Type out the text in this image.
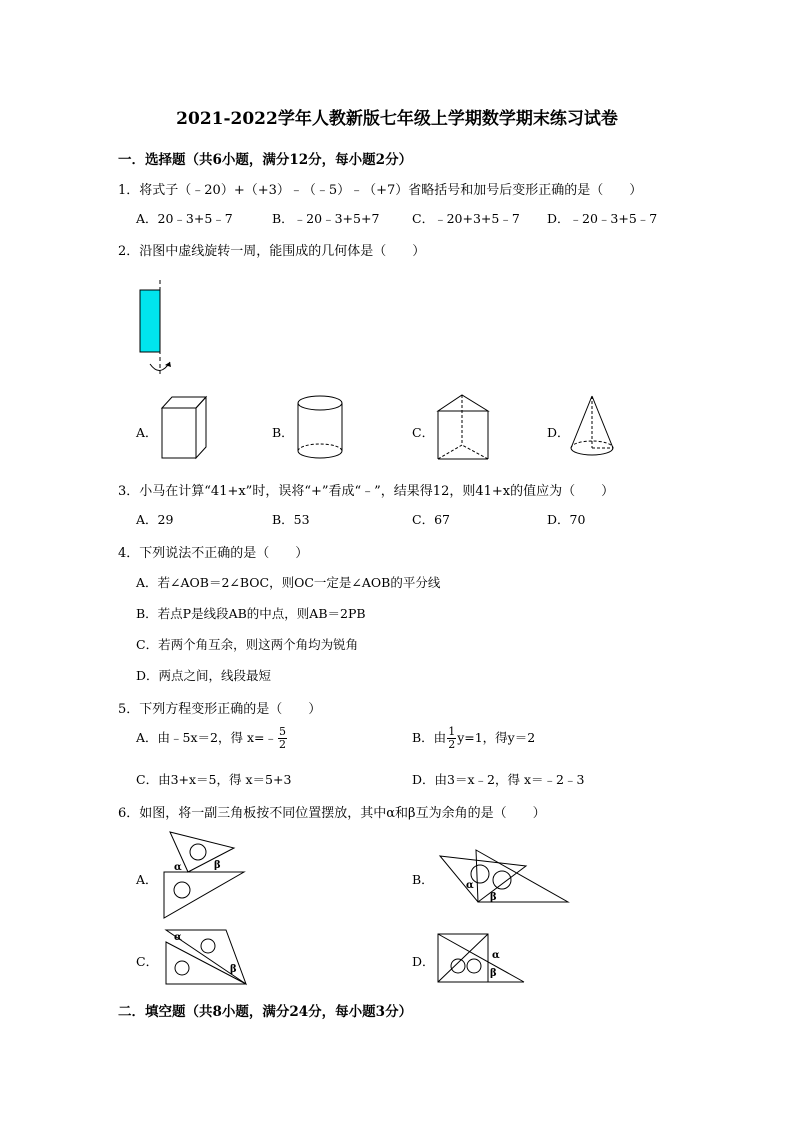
2021-2022学年人教新版七年级上学期数学期末练习试卷
一．选择题（共6小题，满分12分，每小题2分）
1．将式子（﹣20）+（+3）﹣（﹣5）﹣（+7）省略括号和加号后变形正确的是（　　）
A．20﹣3+5﹣7	B．﹣20﹣3+5+7	C．﹣20+3+5﹣7 D．﹣20﹣3+5﹣7
2．沿图中虚线旋转一周，能围成的几何体是（　　）
A．	B．	C．	D．
3．小马在计算“41+x”时，误将“+”看成“﹣”，结果得12，则41+x的值应为（　　）
A．29	B．53	C．67	D．70
4．下列说法不正确的是（　　）
A．若∠AOB＝2∠BOC，则OC一定是∠AOB的平分线
B．若点P是线段AB的中点，则AB＝2PB
C．若两个角互余，则这两个角均为锐角
D．两点之间，线段最短
5．下列方程变形正确的是（　　）
A．由﹣5x＝2，得 x=﹣ $\frac{5}{2}$	B．由 $\frac{1}{2} y=1$，得y＝2
C．由3+x＝5，得 x＝5+3	D．由3＝x﹣2，得 x＝﹣2﹣3
6．如图，将一副三角板按不同位置摆放，其中α和β互为余角的是（　　）
A．
α	β
B．	α
β
C．
α
β
D．	α
β
二．填空题（共8小题，满分24分，每小题3分）
